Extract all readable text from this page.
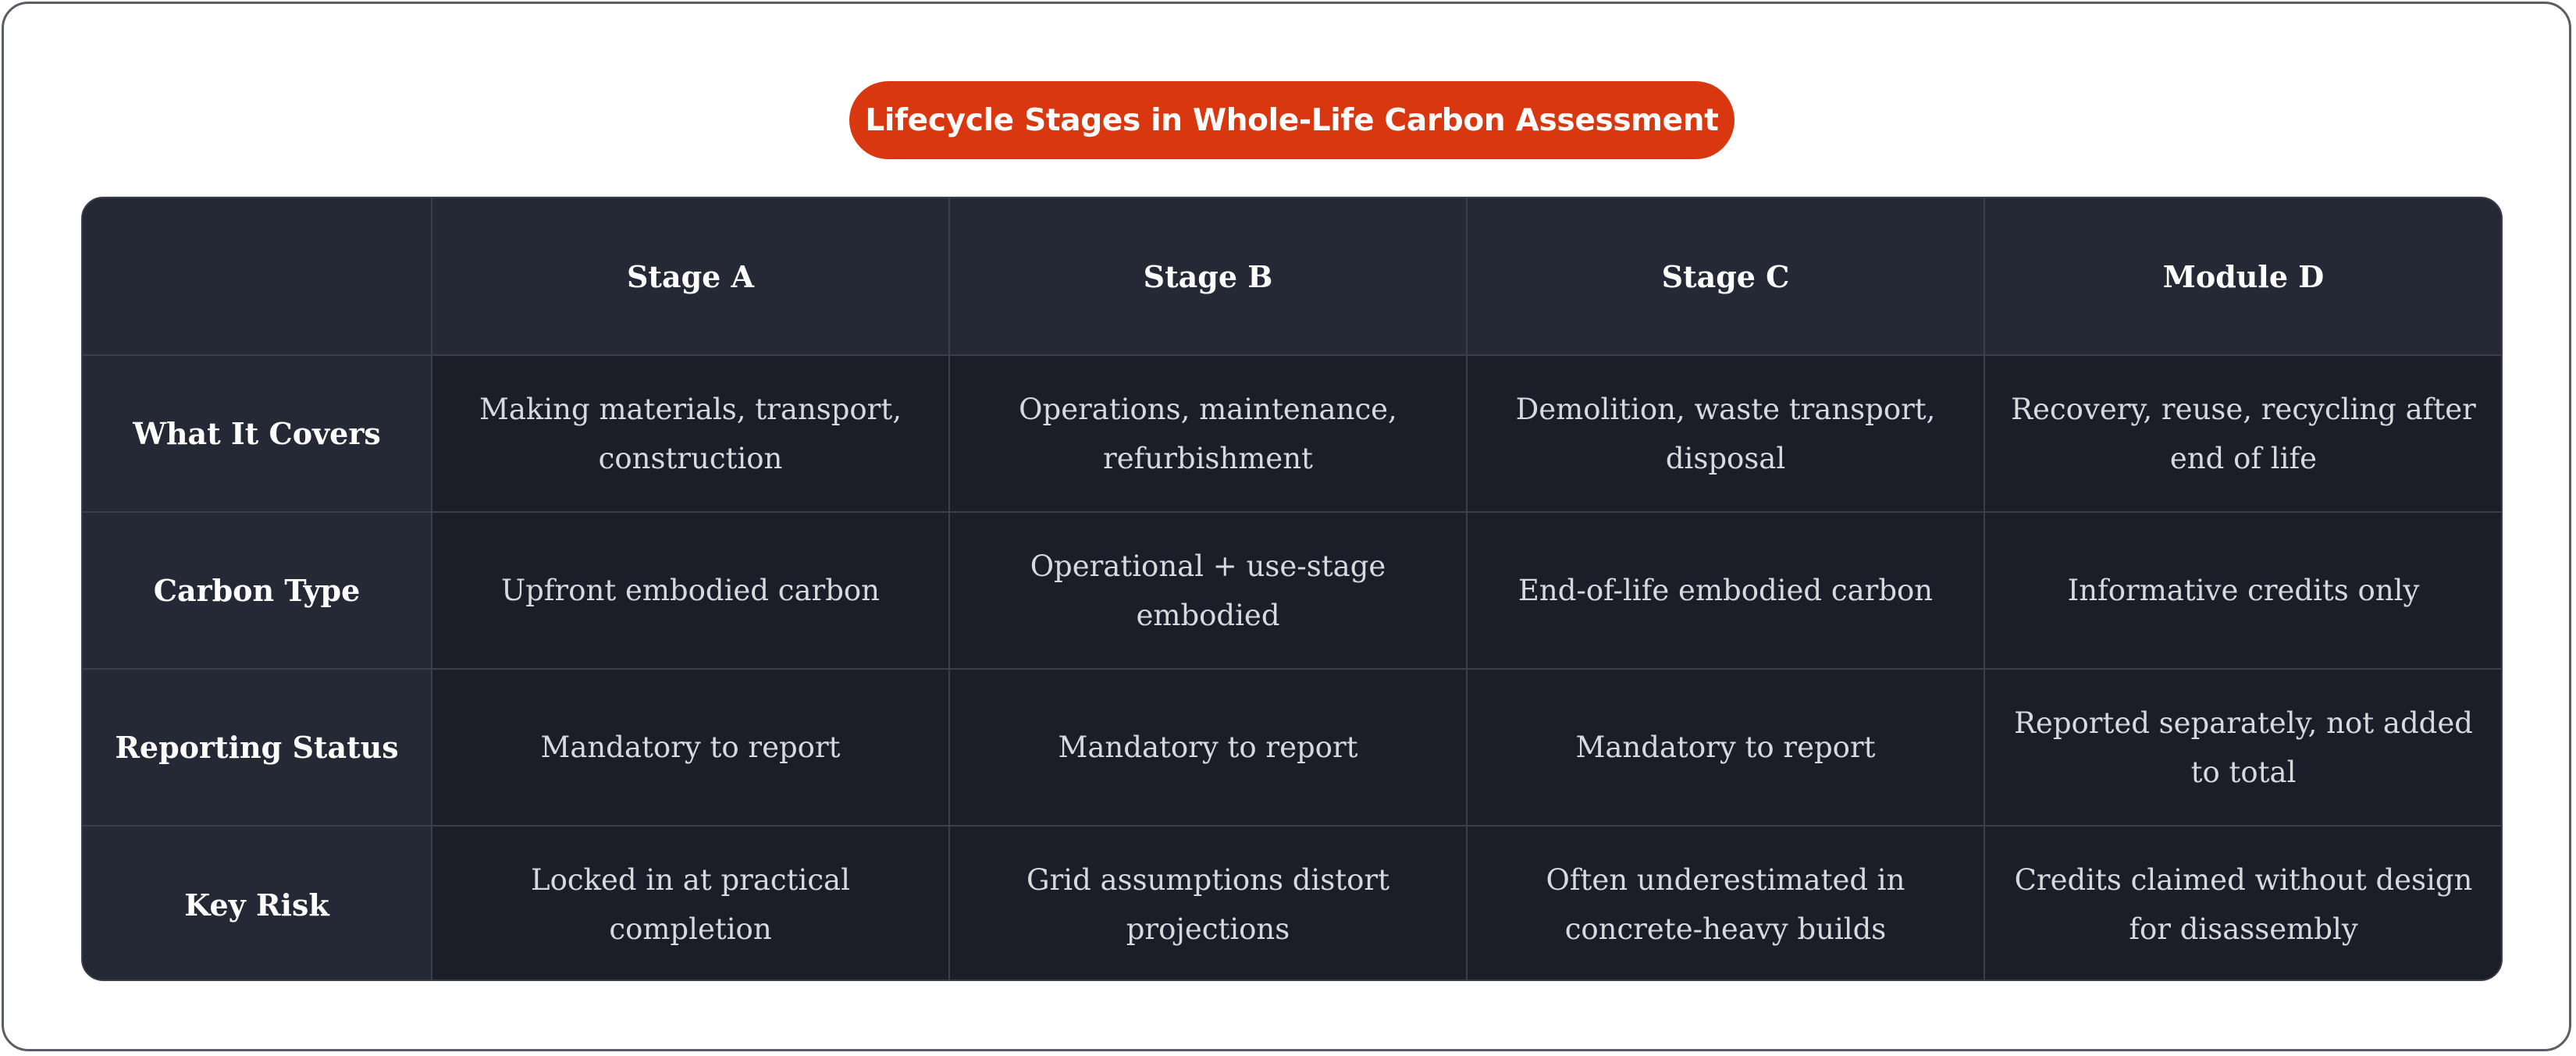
Lifecycle Stages in Whole-Life Carbon Assessment
	Stage A	Stage B	Stage C	Module D
What It Covers	Making materials, transport, construction	Operations, maintenance, refurbishment	Demolition, waste transport, disposal	Recovery, reuse, recycling after end of life
Carbon Type	Upfront embodied carbon	Operational + use-stage embodied	End-of-life embodied carbon	Informative credits only
Reporting Status	Mandatory to report	Mandatory to report	Mandatory to report	Reported separately, not added to total
Key Risk	Locked in at practical completion	Grid assumptions distort projections	Often underestimated in concrete-heavy builds	Credits claimed without design for disassembly
